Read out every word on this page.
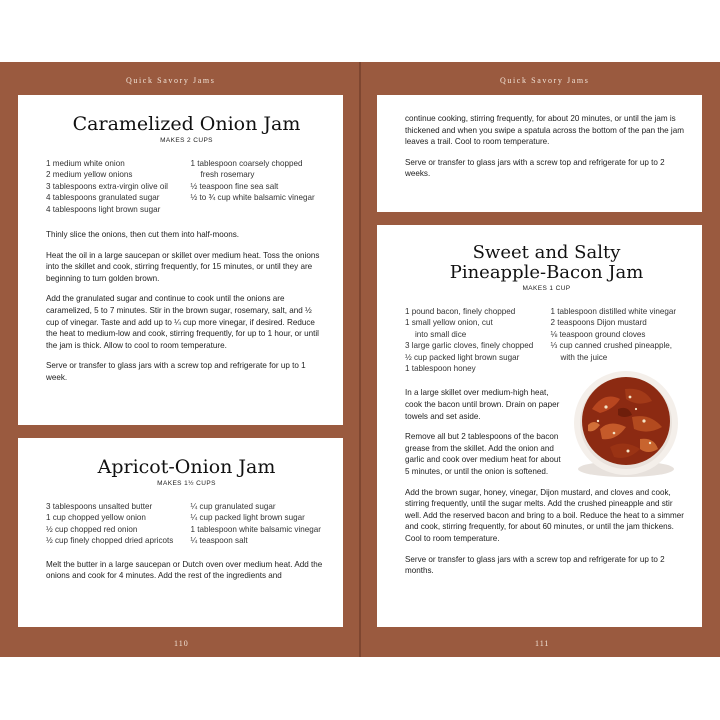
Quick Savory Jams	Quick Savory Jams
Caramelized Onion Jam
MAKES 2 CUPS
1 medium white onion
2 medium yellow onions
3 tablespoons extra-virgin olive oil
4 tablespoons granulated sugar
4 tablespoons light brown sugar
1 tablespoon coarsely chopped
fresh rosemary
½ teaspoon fine sea salt
½ to ¾ cup white balsamic vinegar

Thinly slice the onions, then cut them into half-moons.

Heat the oil in a large saucepan or skillet over medium heat. Toss the onions into the skillet and cook, stirring frequently, for 15 minutes, or until they are beginning to turn golden brown.

Add the granulated sugar and continue to cook until the onions are caramelized, 5 to 7 minutes. Stir in the brown sugar, rosemary, salt, and ½ cup of vinegar. Taste and add up to ¼ cup more vinegar, if desired. Reduce the heat to medium-low and cook, stirring frequently, for up to 1 hour, or until the jam is thick. Allow to cool to room temperature.

Serve or transfer to glass jars with a screw top and refrigerate for up to 1 week.

Apricot-Onion Jam
MAKES 1½ CUPS
3 tablespoons unsalted butter
1 cup chopped yellow onion
½ cup chopped red onion
½ cup finely chopped dried apricots
¼ cup granulated sugar
¼ cup packed light brown sugar
1 tablespoon white balsamic vinegar
¼ teaspoon salt

Melt the butter in a large saucepan or Dutch oven over medium heat. Add the onions and cook for 4 minutes. Add the rest of the ingredients and

110

continue cooking, stirring frequently, for about 20 minutes, or until the jam is thickened and when you swipe a spatula across the bottom of the pan the jam leaves a trail. Cool to room temperature.

Serve or transfer to glass jars with a screw top and refrigerate for up to 2 weeks.

Sweet and Salty
Pineapple-Bacon Jam
MAKES 1 CUP
1 pound bacon, finely chopped
1 small yellow onion, cut
into small dice
3 large garlic cloves, finely chopped
½ cup packed light brown sugar
1 tablespoon honey
1 tablespoon distilled white vinegar
2 teaspoons Dijon mustard
⅛ teaspoon ground cloves
⅓ cup canned crushed pineapple,
with the juice

In a large skillet over medium-high heat, cook the bacon until brown. Drain on paper towels and set aside.

Remove all but 2 tablespoons of the bacon grease from the skillet. Add the onion and garlic and cook over medium heat for about 5 minutes, or until the onion is softened.

Add the brown sugar, honey, vinegar, Dijon mustard, and cloves and cook, stirring frequently, until the sugar melts. Add the crushed pineapple and stir well. Add the reserved bacon and bring to a boil. Reduce the heat to a simmer and cook, stirring frequently, for about 60 minutes, or until the jam thickens. Cool to room temperature.

Serve or transfer to glass jars with a screw top and refrigerate for up to 2 months.

111
